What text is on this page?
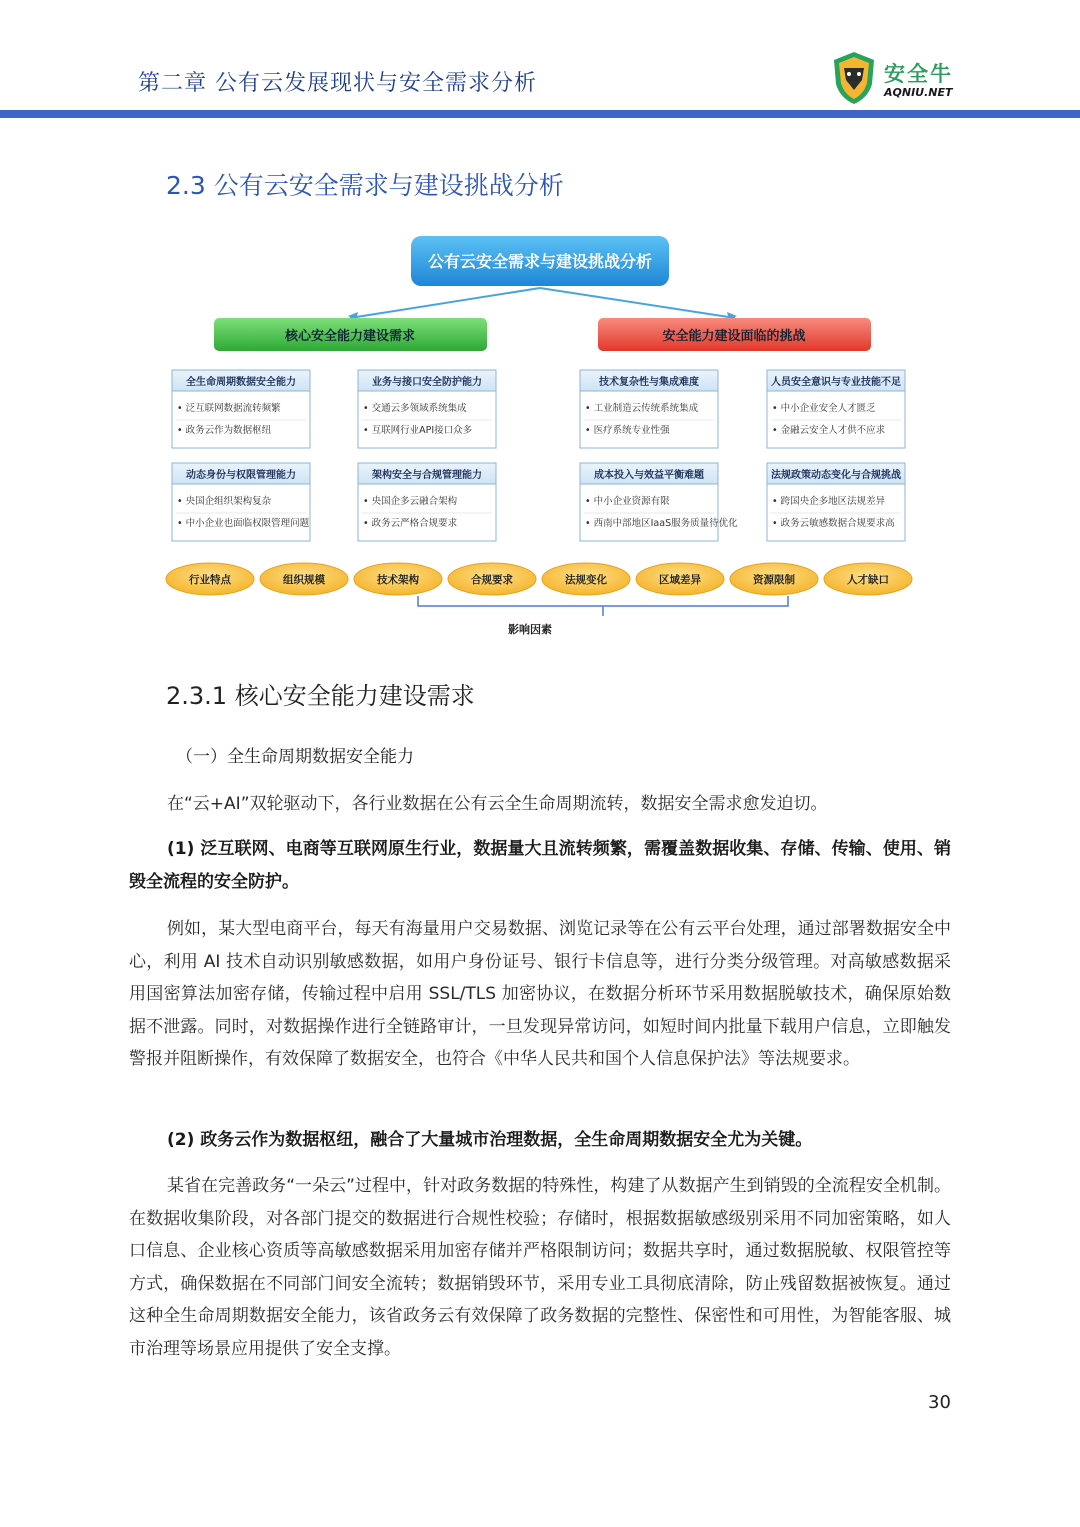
第二章 公有云发展现状与安全需求分析	安全牛
AQNIU.NET
2.3 公有云安全需求与建设挑战分析
公有云安全需求与建设挑战分析
核心安全能力建设需求	安全能力建设面临的挑战
全生命周期数据安全能力
• 泛互联网数据流转频繁
• 政务云作为数据枢纽
业务与接口安全防护能力
• 交通云多领域系统集成
• 互联网行业API接口众多
动态身份与权限管理能力
• 央国企组织架构复杂
• 中小企业也面临权限管理问题
架构安全与合规管理能力
• 央国企多云融合架构
• 政务云严格合规要求
技术复杂性与集成难度
• 工业制造云传统系统集成
• 医疗系统专业性强
人员安全意识与专业技能不足
• 中小企业安全人才匮乏
• 金融云安全人才供不应求
成本投入与效益平衡难题
• 中小企业资源有限
• 西南中部地区IaaS服务质量待优化
法规政策动态变化与合规挑战
• 跨国央企多地区法规差异
• 政务云敏感数据合规要求高
行业特点	组织规模	技术架构	合规要求	法规变化	区域差异	资源限制	人才缺口
影响因素
2.3.1 核心安全能力建设需求
（一）全生命周期数据安全能力

在“云+AI”双轮驱动下，各行业数据在公有云全生命周期流转，数据安全需求愈发迫切。

(1) 泛互联网、电商等互联网原生行业，数据量大且流转频繁，需覆盖数据收集、存储、传输、使用、销毁全流程的安全防护。

例如，某大型电商平台，每天有海量用户交易数据、浏览记录等在公有云平台处理，通过部署数据安全中心，利用 AI 技术自动识别敏感数据，如用户身份证号、银行卡信息等，进行分类分级管理。对高敏感数据采用国密算法加密存储，传输过程中启用 SSL/TLS 加密协议，在数据分析环节采用数据脱敏技术，确保原始数据不泄露。同时，对数据操作进行全链路审计，一旦发现异常访问，如短时间内批量下载用户信息，立即触发警报并阻断操作，有效保障了数据安全，也符合《中华人民共和国个人信息保护法》等法规要求。

(2) 政务云作为数据枢纽，融合了大量城市治理数据，全生命周期数据安全尤为关键。

某省在完善政务“一朵云”过程中，针对政务数据的特殊性，构建了从数据产生到销毁的全流程安全机制。在数据收集阶段，对各部门提交的数据进行合规性校验；存储时，根据数据敏感级别采用不同加密策略，如人口信息、企业核心资质等高敏感数据采用加密存储并严格限制访问；数据共享时，通过数据脱敏、权限管控等方式，确保数据在不同部门间安全流转；数据销毁环节，采用专业工具彻底清除，防止残留数据被恢复。通过这种全生命周期数据安全能力，该省政务云有效保障了政务数据的完整性、保密性和可用性，为智能客服、城市治理等场景应用提供了安全支撑。

30
